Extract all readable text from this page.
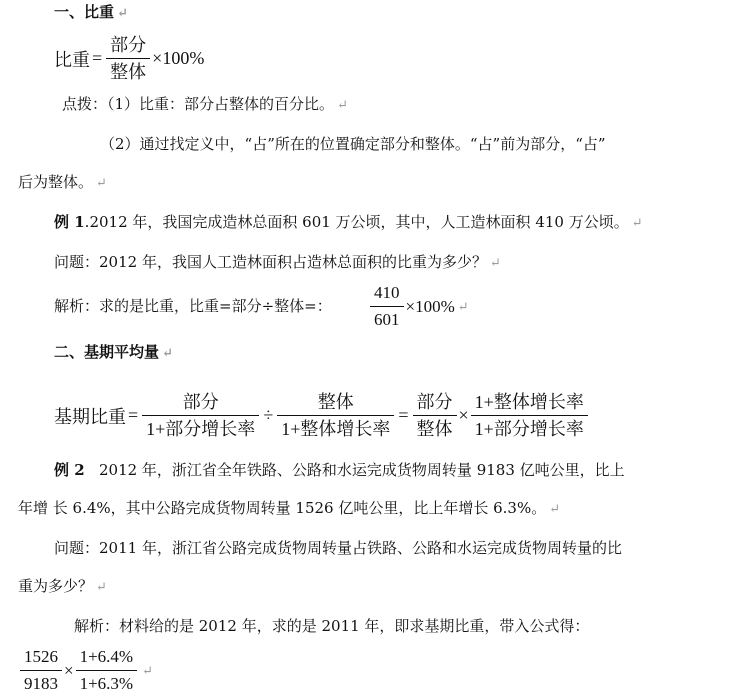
一、比重 ↵
比重 = $\frac{\text{部分}}{\text{整体}} \times 100\%$
点拨：（1）比重：部分占整体的百分比。 ↵
（2）通过找定义中，“占”所在的位置确定部分和整体。“占”前为部分，“占”
后为整体。 ↵
例 1.2012 年，我国完成造林总面积 601 万公顷，其中，人工造林面积 410 万公顷。 ↵
问题：2012 年，我国人工造林面积占造林总面积的比重为多少？ ↵
解析：求的是比重，比重=部分÷整体=： $\frac{410}{601} \times 100\%$ ↵
二、基期平均量 ↵
基期比重 = $\frac{\text{部分}}{\text{1+部分增长率}} \div \frac{\text{整体}}{\text{1+整体增长率}} = \frac{\text{部分}}{\text{整体}} \times \frac{\text{1+整体增长率}}{\text{1+部分增长率}}$
例 2 2012 年，浙江省全年铁路、公路和水运完成货物周转量 9183 亿吨公里，比上
年增 长 6.4%，其中公路完成货物周转量 1526 亿吨公里，比上年增长 6.3%。 ↵
问题：2011 年，浙江省公路完成货物周转量占铁路、公路和水运完成货物周转量的比
重为多少？ ↵
解析：材料给的是 2012 年，求的是 2011 年，即求基期比重，带入公式得：
$\frac{1526}{9183} \times \frac{1+6.4\%}{1+6.3\%}$ ↵
